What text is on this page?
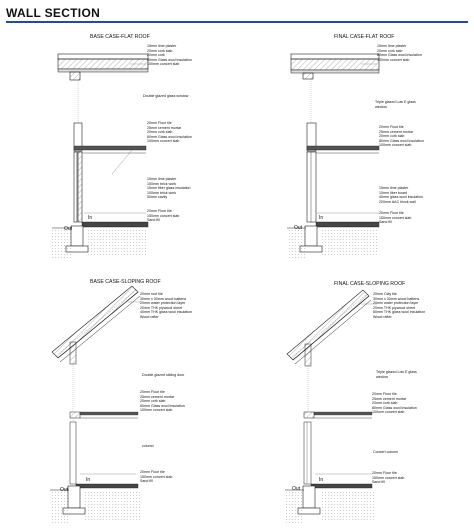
WALL SECTION
BASE CASE-FLAT ROOF
15mm lime plaster
20mm cork slab
20mm cork
60mm Glass wool insulation
100mm concert slab
Double glazed glass window
20mm Floor tile
25mm cement mortar
20mm cork slab
60mm Glass wool insulation
100mm concert slab
15mm lime plaster
150mm brick work
15mm fiber glass insulation
100mm brick work
50mm cavity
20mm Floor tile
150mm concert slab
Sand fill
In
Out
FINAL CASE-FLAT ROOF
15mm lime plaster
20mm cork slab
80mm Glass wool insulation
100mm concert slab
Triple glazed Low E glass
window
20mm Floor tile
25mm cement mortar
20mm cork slab
80mm Glass wool insulation
100mm concert slab
15mm lime plaster
10mm fiber board
40mm glass wool insulation
200mm AAC block wall
20mm Floor tile
150mm concert slab
Sand fill
In
Out
BASE CASE-SLOPING ROOF
20mm roof tile
30mm x 30mm wood battens
20mm water protection layer
20mm THK plywood sheet
40mm THK glass wool insulation
Wood rafter
Double glazed sliding door
20mm Floor tile
25mm cement mortar
20mm cork slab
60mm Glass wool insulation
100mm concert slab
column
20mm Floor tile
150mm concert slab
Sand fill
In
Out
FINAL CASE-SLOPING ROOF
20mm Clay tile
30mm x 30mm wood battens
20mm water protection layer
20mm THK plywood sheet
80mm THK glass wool insulation
Wood rafter
Triple glazed Low E glass
window
20mm Floor tile
25mm cement mortar
20mm cork slab
80mm Glass wool insulation
100mm concert slab
Concert column
20mm Floor tile
150mm concert slab
Sand fill
In
Out
